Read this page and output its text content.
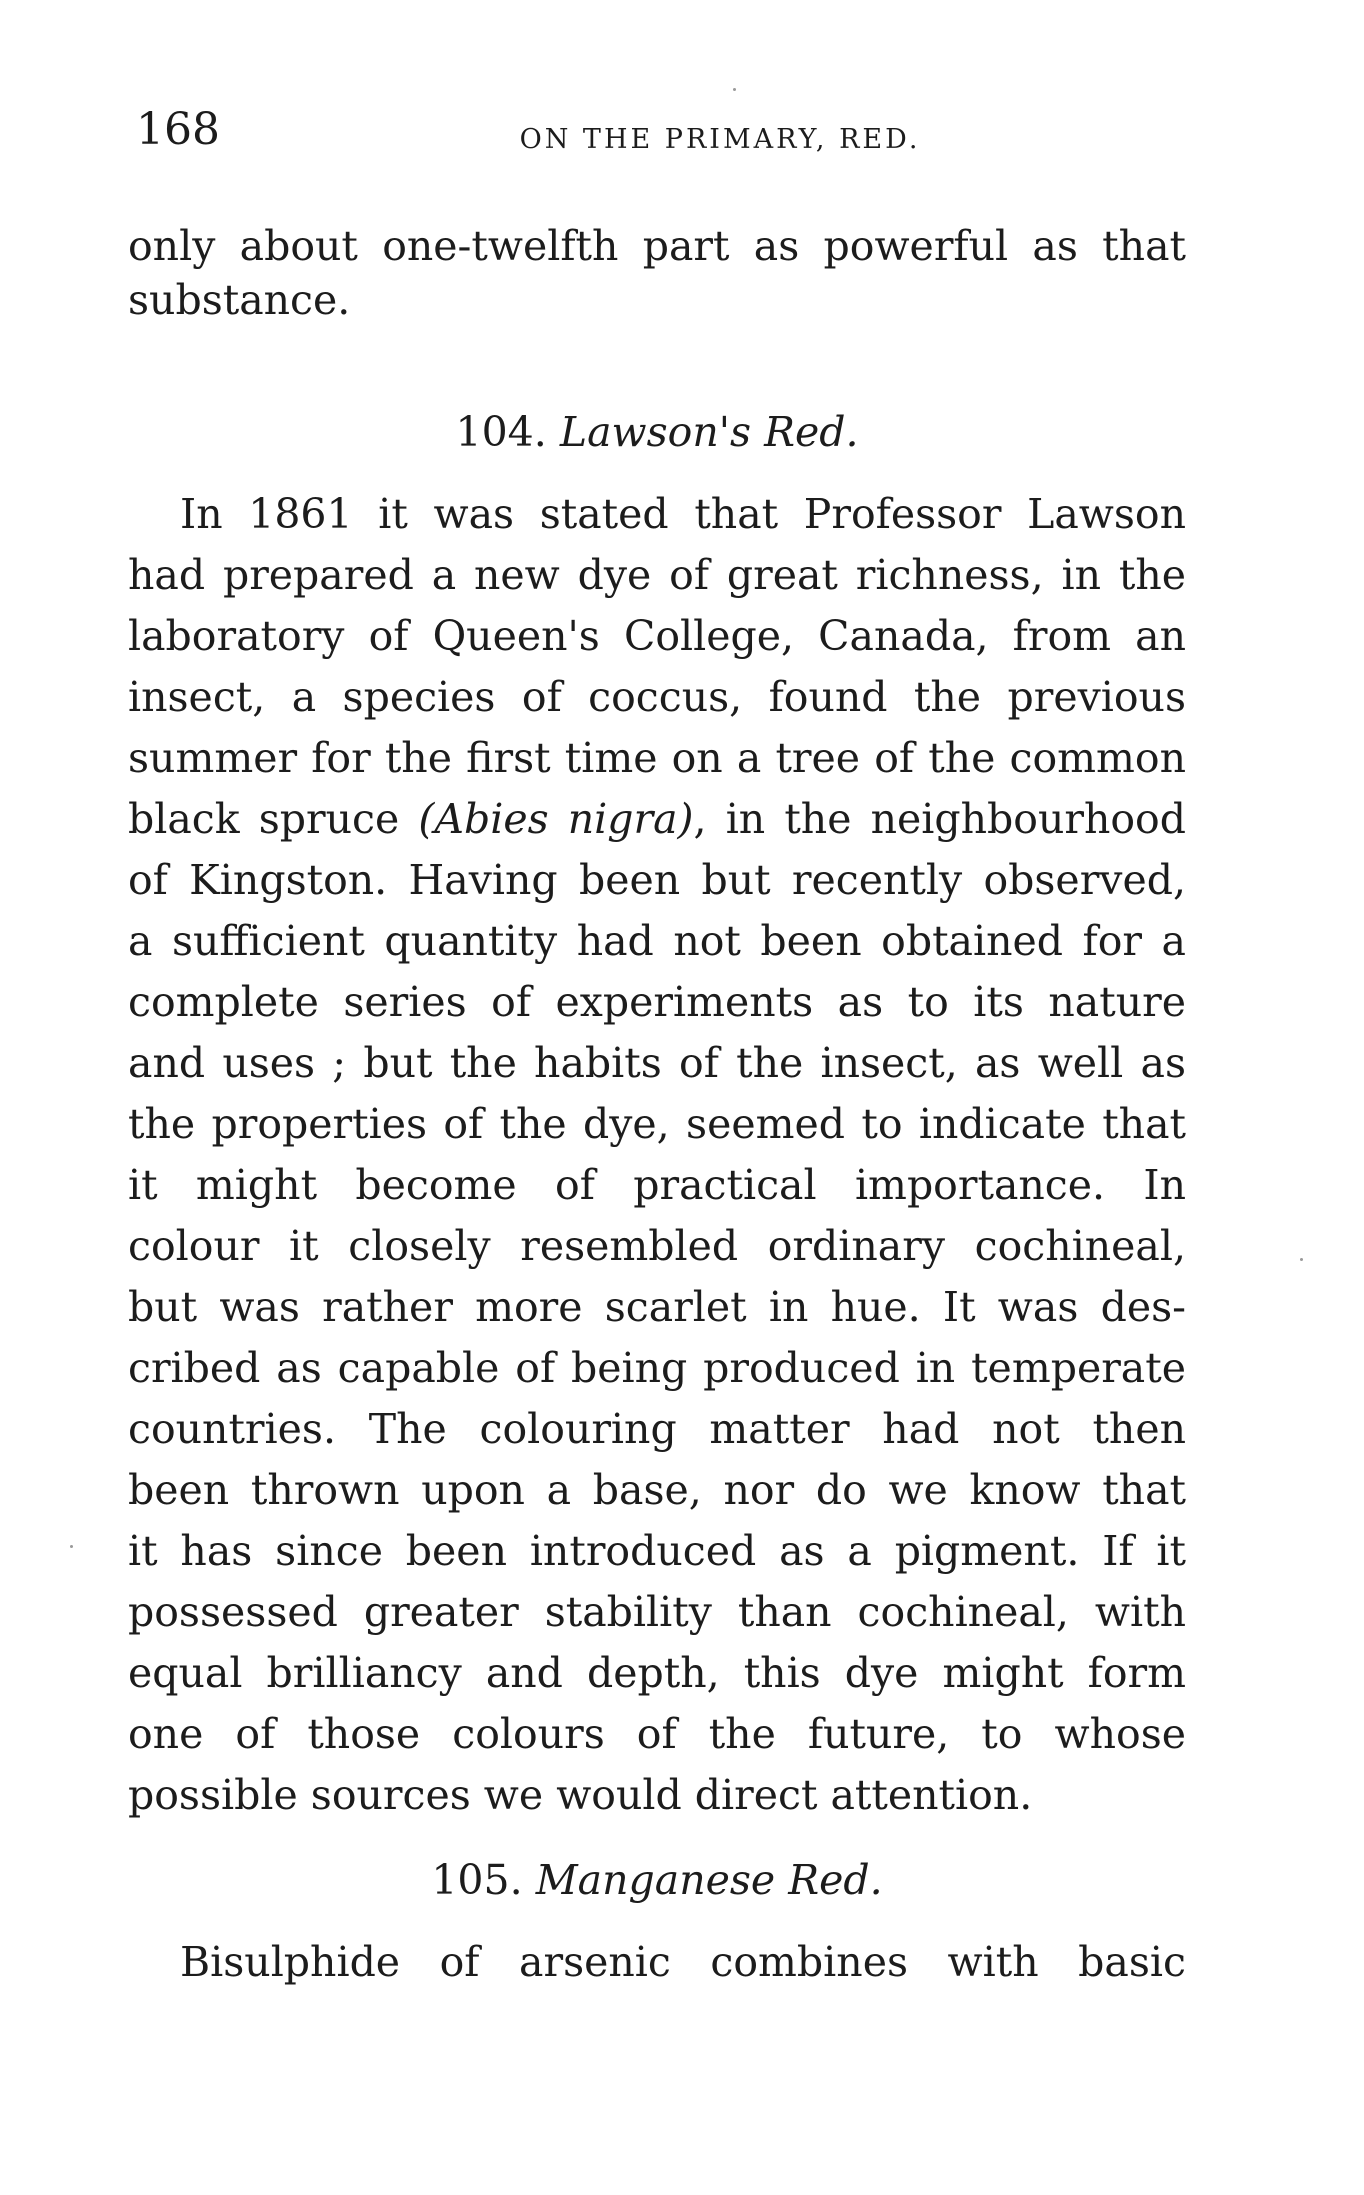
168	ON THE PRIMARY, RED.
only about one-twelfth part as powerful as that
substance.
104. Lawson's Red.
In 1861 it was stated that Professor Lawson
had prepared a new dye of great richness, in the
laboratory of Queen's College, Canada, from an
insect, a species of coccus, found the previous
summer for the first time on a tree of the common
black spruce (Abies nigra), in the neighbourhood
of Kingston. Having been but recently observed,
a sufficient quantity had not been obtained for a
complete series of experiments as to its nature
and uses ; but the habits of the insect, as well as
the properties of the dye, seemed to indicate that
it might become of practical importance. In
colour it closely resembled ordinary cochineal,
but was rather more scarlet in hue. It was des-
cribed as capable of being produced in temperate
countries. The colouring matter had not then
been thrown upon a base, nor do we know that
it has since been introduced as a pigment. If it
possessed greater stability than cochineal, with
equal brilliancy and depth, this dye might form
one of those colours of the future, to whose
possible sources we would direct attention.
105. Manganese Red.
Bisulphide of arsenic combines with basic
